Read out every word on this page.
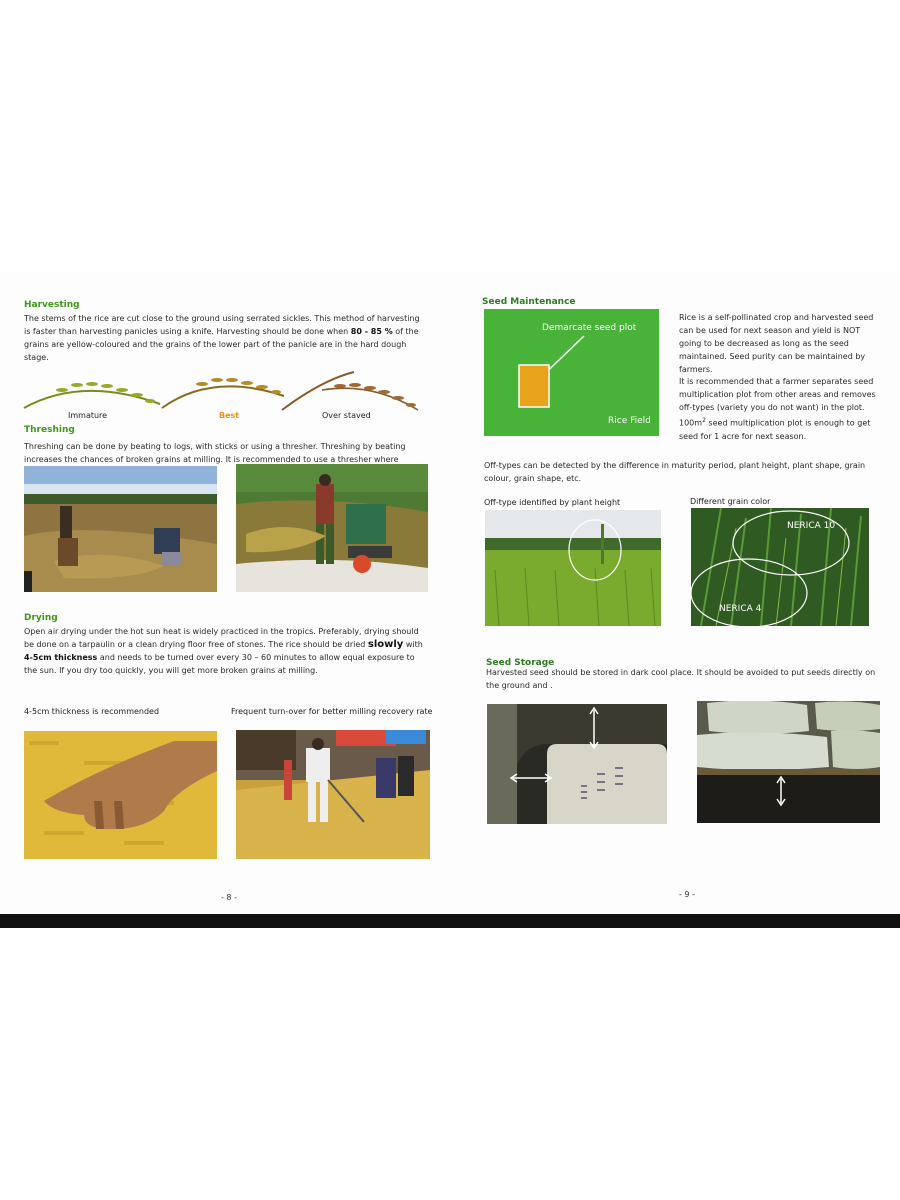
Harvesting
The stems of the rice are cut close to the ground using serrated sickles. This method of harvesting is faster than harvesting panicles using a knife. Harvesting should be done when 80 - 85 % of the grains are yellow-coloured and the grains of the lower part of the panicle are in the hard dough stage.
Immature	Best	Over staved
Threshing
Threshing can be done by beating to logs, with sticks or using a thresher. Threshing by beating increases the chances of broken grains at milling. It is recommended to use a thresher where
Drying
Open air drying under the hot sun heat is widely practiced in the tropics. Preferably, drying should be done on a tarpaulin or a clean drying floor free of stones. The rice should be dried slowly with 4-5cm thickness and needs to be turned over every 30 – 60 minutes to allow equal exposure to the sun. If you dry too quickly, you will get more broken grains at milling.
4-5cm thickness is recommended	Frequent turn-over for better milling recovery rate
- 8 -
Seed Maintenance
Demarcate seed plot
Rice Field
Rice is a self-pollinated crop and harvested seed can be used for next season and yield is NOT going to be decreased as long as the seed maintained. Seed purity can be maintained by farmers.
It is recommended that a farmer separates seed multiplication plot from other areas and removes off-types (variety you do not want) in the plot. $100m^2$ seed multiplication plot is enough to get seed for 1 acre for next season.
Off-types can be detected by the difference in maturity period, plant height, plant shape, grain colour, grain shape, etc.
Off-type identified by plant height	Different grain color
NERICA 10
NERICA 4
Seed Storage
Harvested seed should be stored in dark cool place. It should be avoided to put seeds directly on the ground and .
- 9 -
